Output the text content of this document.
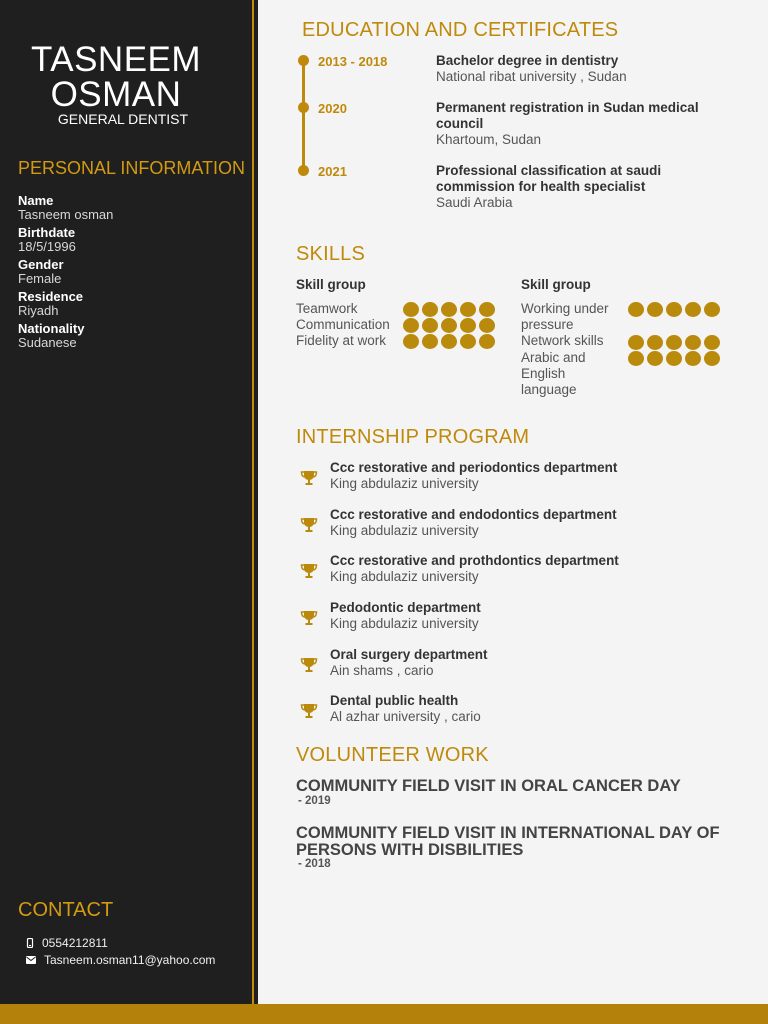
TASNEEM
OSMAN
GENERAL DENTIST
PERSONAL INFORMATION
Name
Tasneem osman
Birthdate
18/5/1996
Gender
Female
Residence
Riyadh
Nationality
Sudanese
CONTACT
0554212811
Tasneem.osman11@yahoo.com
EDUCATION AND CERTIFICATES
2013 - 2018	Bachelor degree in dentistry
National ribat university , Sudan
2020	Permanent registration in Sudan medical council
Khartoum, Sudan
2021	Professional classification at saudi commission for health specialist
Saudi Arabia
SKILLS
Skill group	Skill group
Teamwork
Communication
Fidelity at work
Working under pressure
Network skills
Arabic and English language
INTERNSHIP PROGRAM
Ccc restorative and periodontics department
King abdulaziz university
Ccc restorative and endodontics department
King abdulaziz university
Ccc restorative and prothdontics department
King abdulaziz university
Pedodontic department
King abdulaziz university
Oral surgery department
Ain shams , cario
Dental public health
Al azhar university , cario
VOLUNTEER WORK
COMMUNITY FIELD VISIT IN ORAL CANCER DAY
- 2019
COMMUNITY FIELD VISIT IN INTERNATIONAL DAY OF PERSONS WITH DISBILITIES
- 2018
